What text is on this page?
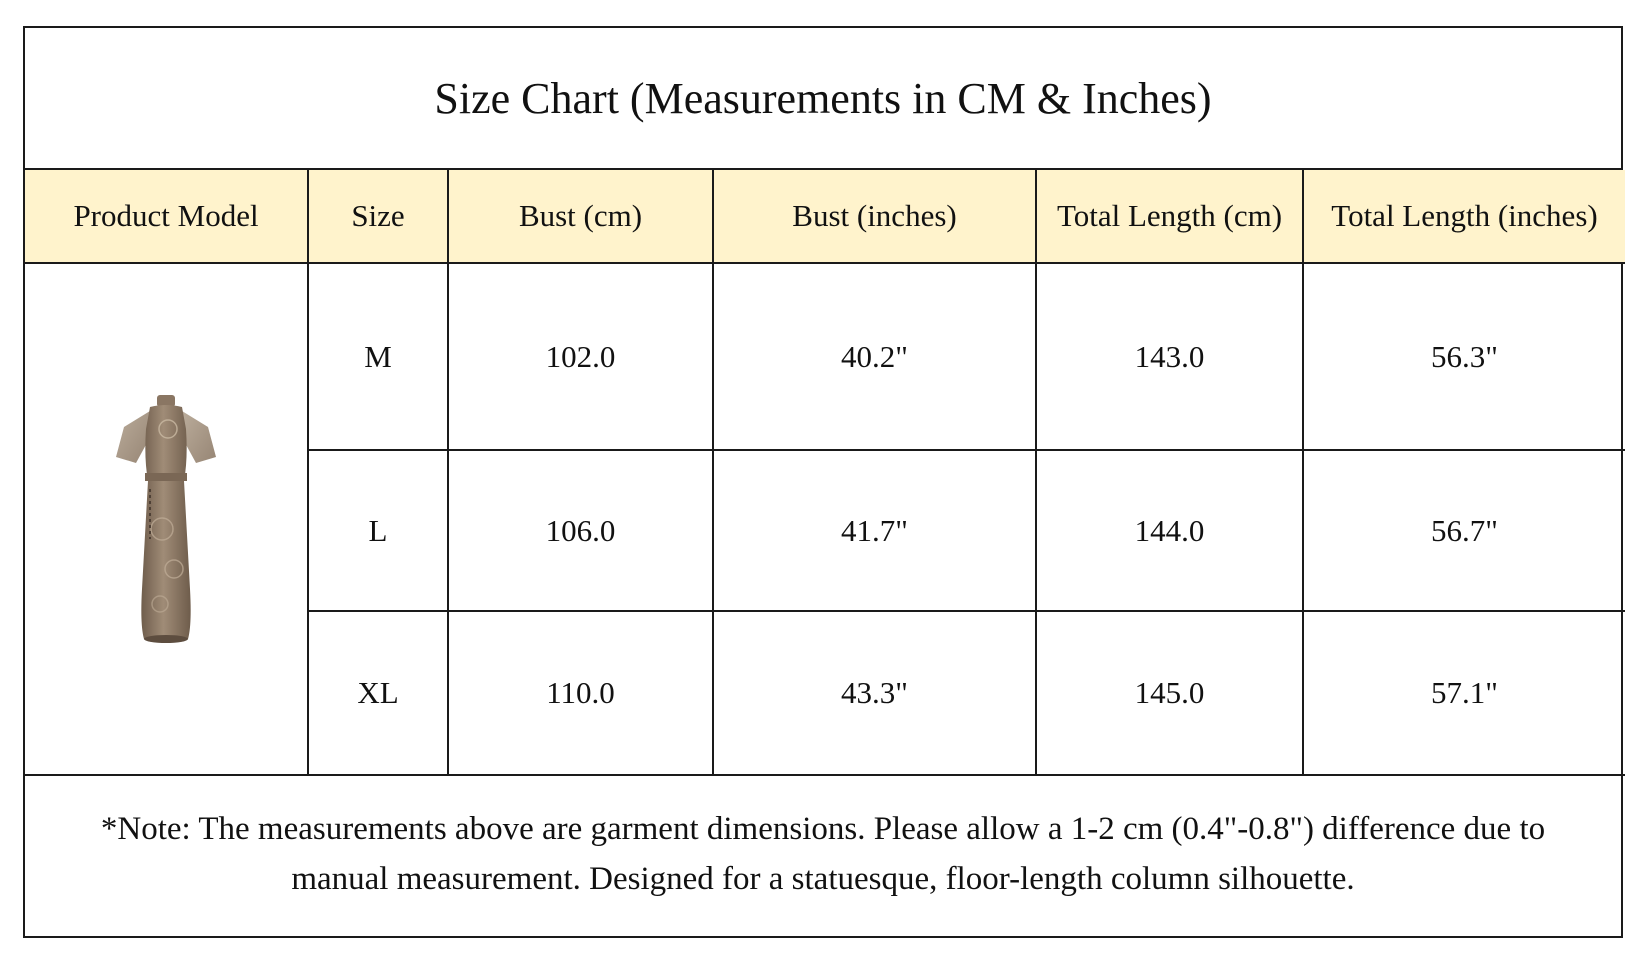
Size Chart (Measurements in CM & Inches)
Product Model	Size	Bust (cm)	Bust (inches)	Total Length (cm)	Total Length (inches)

	M	102.0	40.2"	143.0	56.3"
	L	106.0	41.7"	144.0	56.7"
	XL	110.0	43.3"	145.0	57.1"
*Note: The measurements above are garment dimensions. Please allow a 1-2 cm (0.4"-0.8") difference due to manual measurement. Designed for a statuesque, floor-length column silhouette.
